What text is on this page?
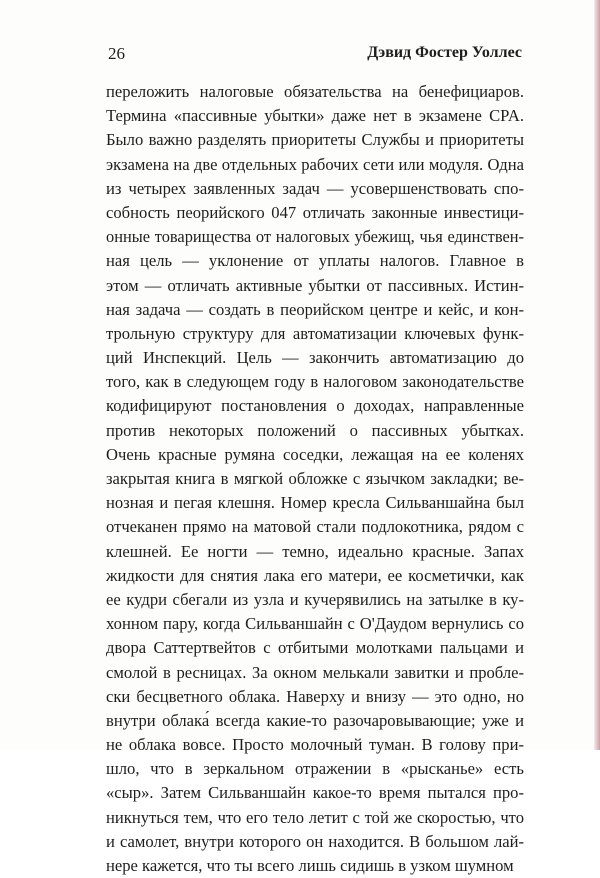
26	Дэвид Фостер Уоллес
переложить налоговые обязательства на бенефициаров.
Термина «пассивные убытки» даже нет в экзамене CPA.
Было важно разделять приоритеты Службы и приоритеты
экзамена на две отдельных рабочих сети или модуля. Одна
из четырех заявленных задач — усовершенствовать спо-
собность пеорийского 047 отличать законные инвестици-
онные товарищества от налоговых убежищ, чья единствен-
ная цель — уклонение от уплаты налогов. Главное в
этом — отличать активные убытки от пассивных. Истин-
ная задача — создать в пеорийском центре и кейс, и кон-
трольную структуру для автоматизации ключевых функ-
ций Инспекций. Цель — закончить автоматизацию до
того, как в следующем году в налоговом законодательстве
кодифицируют постановления о доходах, направленные
против некоторых положений о пассивных убытках.
Очень красные румяна соседки, лежащая на ее коленях
закрытая книга в мягкой обложке с язычком закладки; ве-
нозная и пегая клешня. Номер кресла Сильваншайна был
отчеканен прямо на матовой стали подлокотника, рядом с
клешней. Ее ногти — темно, идеально красные. Запах
жидкости для снятия лака его матери, ее косметички, как
ее кудри сбегали из узла и кучерявились на затылке в ку-
хонном пару, когда Сильваншайн с О'Даудом вернулись со
двора Саттертвейтов с отбитыми молотками пальцами и
смолой в ресницах. За окном мелькали завитки и пробле-
ски бесцветного облака. Наверху и внизу — это одно, но
внутри облака́ всегда какие-то разочаровывающие; уже и
не облака вовсе. Просто молочный туман. В голову при-
шло, что в зеркальном отражении в «рысканье» есть
«сыр». Затем Сильваншайн какое-то время пытался про-
никнуться тем, что его тело летит с той же скоростью, что
и самолет, внутри которого он находится. В большом лай-
нере кажется, что ты всего лишь сидишь в узком шумном
